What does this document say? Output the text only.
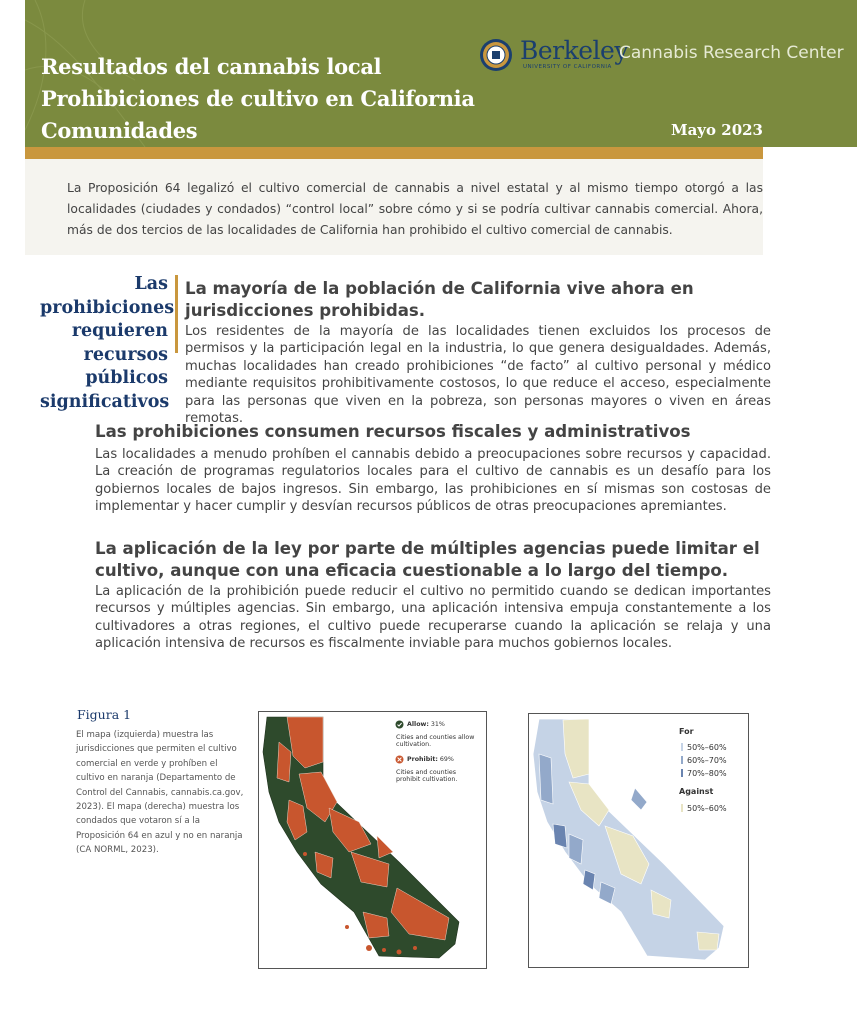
Resultados del cannabis local
Prohibiciones de cultivo en California
Comunidades
Berkeley
UNIVERSITY OF CALIFORNIA
Cannabis Research Center
Mayo 2023

La Proposición 64 legalizó el cultivo comercial de cannabis a nivel estatal y al mismo tiempo otorgó a las localidades (ciudades y condados) “control local” sobre cómo y si se podría cultivar cannabis comercial. Ahora, más de dos tercios de las localidades de California han prohibido el cultivo comercial de cannabis.

Las
prohibiciones
requieren
recursos
públicos
significativos
La mayoría de la población de California vive ahora en jurisdicciones prohibidas.

Los residentes de la mayoría de las localidades tienen excluidos los procesos de permisos y la participación legal en la industria, lo que genera desigualdades. Además, muchas localidades han creado prohibiciones “de facto” al cultivo personal y médico mediante requisitos prohibitivamente costosos, lo que reduce el acceso, especialmente para las personas que viven en la pobreza, son personas mayores o viven en áreas remotas.

Las prohibiciones consumen recursos fiscales y administrativos

Las localidades a menudo prohíben el cannabis debido a preocupaciones sobre recursos y capacidad. La creación de programas regulatorios locales para el cultivo de cannabis es un desafío para los gobiernos locales de bajos ingresos. Sin embargo, las prohibiciones en sí mismas son costosas de implementar y hacer cumplir y desvían recursos públicos de otras preocupaciones apremiantes.

La aplicación de la ley por parte de múltiples agencias puede limitar el cultivo, aunque con una eficacia cuestionable a lo largo del tiempo.

La aplicación de la prohibición puede reducir el cultivo no permitido cuando se dedican importantes recursos y múltiples agencias. Sin embargo, una aplicación intensiva empuja constantemente a los cultivadores a otras regiones, el cultivo puede recuperarse cuando la aplicación se relaja y una aplicación intensiva de recursos es fiscalmente inviable para muchos gobiernos locales.

Figura 1

El mapa (izquierda) muestra las jurisdicciones que permiten el cultivo comercial en verde y prohíben el cultivo en naranja (Departamento de Control del Cannabis, cannabis.ca.gov, 2023). El mapa (derecha) muestra los condados que votaron sí a la Proposición 64 en azul y no en naranja (CA NORML, 2023).

Allow: 31%
Cities and counties allow cultivation.
Prohibit: 69%
Cities and counties prohibit cultivation.
For
50%–60%
60%–70%
70%–80%
Against
50%–60%
